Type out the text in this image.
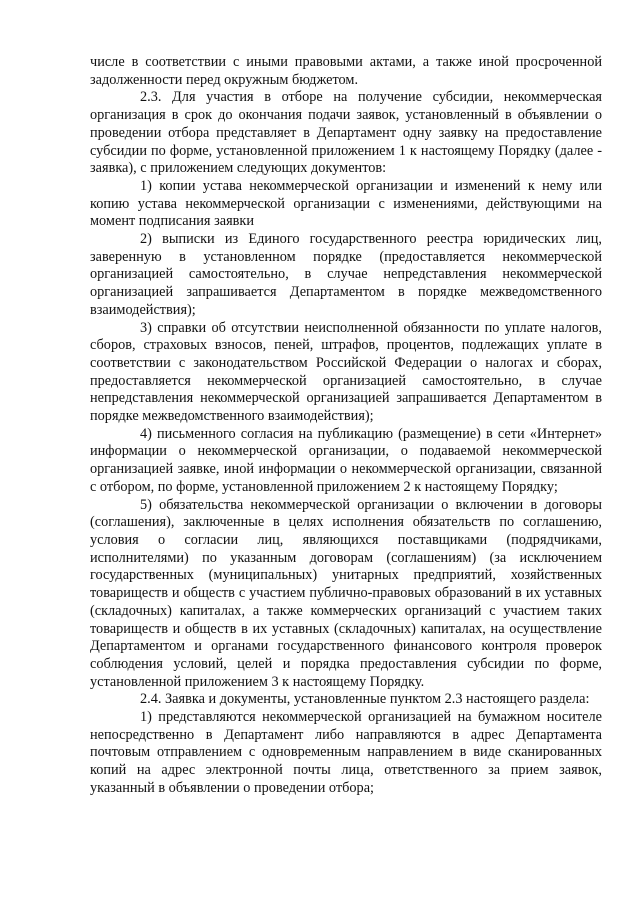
числе в соответствии с иными правовыми актами, а также иной просроченной задолженности перед окружным бюджетом.

2.3. Для участия в отборе на получение субсидии, некоммерческая организация в срок до окончания подачи заявок, установленный в объявлении о проведении отбора представляет в Департамент одну заявку на предоставление субсидии по форме, установленной приложением 1 к настоящему Порядку (далее - заявка), с приложением следующих документов:

1) копии устава некоммерческой организации и изменений к нему или копию устава некоммерческой организации с изменениями, действующими на момент подписания заявки

2) выписки из Единого государственного реестра юридических лиц, заверенную в установленном порядке (предоставляется некоммерческой организацией самостоятельно, в случае непредставления некоммерческой организацией запрашивается Департаментом в порядке межведомственного взаимодействия);

3) справки об отсутствии неисполненной обязанности по уплате налогов, сборов, страховых взносов, пеней, штрафов, процентов, подлежащих уплате в соответствии с законодательством Российской Федерации о налогах и сборах, предоставляется некоммерческой организацией самостоятельно, в случае непредставления некоммерческой организацией запрашивается Департаментом в порядке межведомственного взаимодействия);

4) письменного согласия на публикацию (размещение) в сети «Интернет» информации о некоммерческой организации, о подаваемой некоммерческой организацией заявке, иной информации о некоммерческой организации, связанной с отбором, по форме, установленной приложением 2 к настоящему Порядку;

5) обязательства некоммерческой организации о включении в договоры (соглашения), заключенные в целях исполнения обязательств по соглашению, условия о согласии лиц, являющихся поставщиками (подрядчиками, исполнителями) по указанным договорам (соглашениям) (за исключением государственных (муниципальных) унитарных предприятий, хозяйственных товариществ и обществ с участием публично-правовых образований в их уставных (складочных) капиталах, а также коммерческих организаций с участием таких товариществ и обществ в их уставных (складочных) капиталах, на осуществление Департаментом и органами государственного финансового контроля проверок соблюдения условий, целей и порядка предоставления субсидии по форме, установленной приложением 3 к настоящему Порядку.

2.4. Заявка и документы, установленные пунктом 2.3 настоящего раздела:

1) представляются некоммерческой организацией на бумажном носителе непосредственно в Департамент либо направляются в адрес Департамента почтовым отправлением с одновременным направлением в виде сканированных копий на адрес электронной почты лица, ответственного за прием заявок, указанный в объявлении о проведении отбора;
